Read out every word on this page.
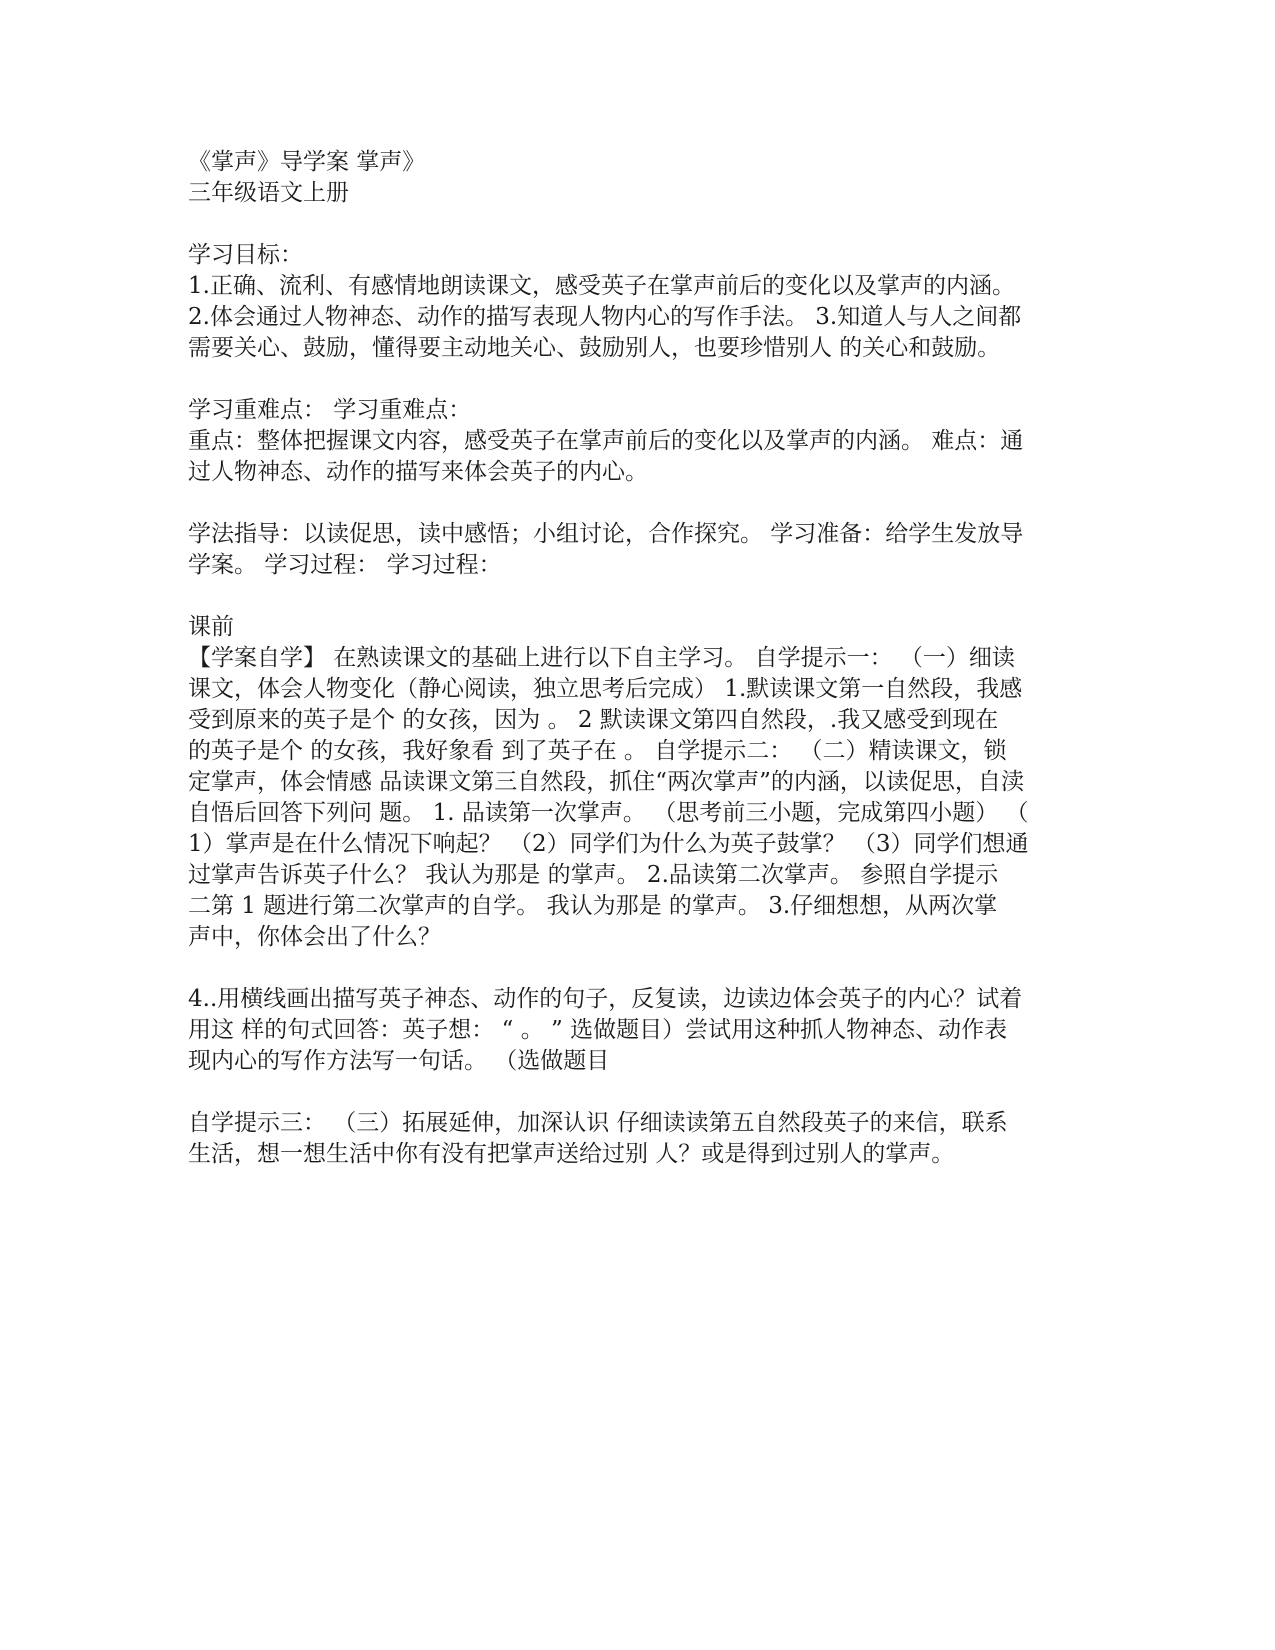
《掌声》导学案 掌声》
三年级语文上册
学习目标：
1.正确、流利、有感情地朗读课文，感受英子在掌声前后的变化以及掌声的内涵。
2.体会通过人物神态、动作的描写表现人物内心的写作手法。 3.知道人与人之间都
需要关心、鼓励，懂得要主动地关心、鼓励别人，也要珍惜别人 的关心和鼓励。
学习重难点： 学习重难点：
重点：整体把握课文内容，感受英子在掌声前后的变化以及掌声的内涵。 难点：通
过人物神态、动作的描写来体会英子的内心。
学法指导：以读促思，读中感悟；小组讨论，合作探究。 学习准备：给学生发放导
学案。 学习过程： 学习过程：
课前
【学案自学】 在熟读课文的基础上进行以下自主学习。 自学提示一： （一）细读
课文，体会人物变化（静心阅读，独立思考后完成） 1.默读课文第一自然段，我感
受到原来的英子是个 的女孩，因为 。 2 默读课文第四自然段，.我又感受到现在
的英子是个 的女孩，我好象看 到了英子在 。 自学提示二： （二）精读课文，锁
定掌声，体会情感 品读课文第三自然段，抓住“两次掌声”的内涵，以读促思，自渎
自悟后回答下列问 题。 1. 品读第一次掌声。 （思考前三小题，完成第四小题） （
1）掌声是在什么情况下响起？ （2）同学们为什么为英子鼓掌？ （3）同学们想通
过掌声告诉英子什么？ 我认为那是 的掌声。 2.品读第二次掌声。 参照自学提示
二第 1 题进行第二次掌声的自学。 我认为那是 的掌声。 3.仔细想想，从两次掌
声中，你体会出了什么？
4..用横线画出描写英子神态、动作的句子，反复读，边读边体会英子的内心？试着
用这 样的句式回答：英子想： “ 。 ” 选做题目）尝试用这种抓人物神态、动作表
现内心的写作方法写一句话。 （选做题目
自学提示三： （三）拓展延伸，加深认识 仔细读读第五自然段英子的来信，联系
生活，想一想生活中你有没有把掌声送给过别 人？或是得到过别人的掌声。
